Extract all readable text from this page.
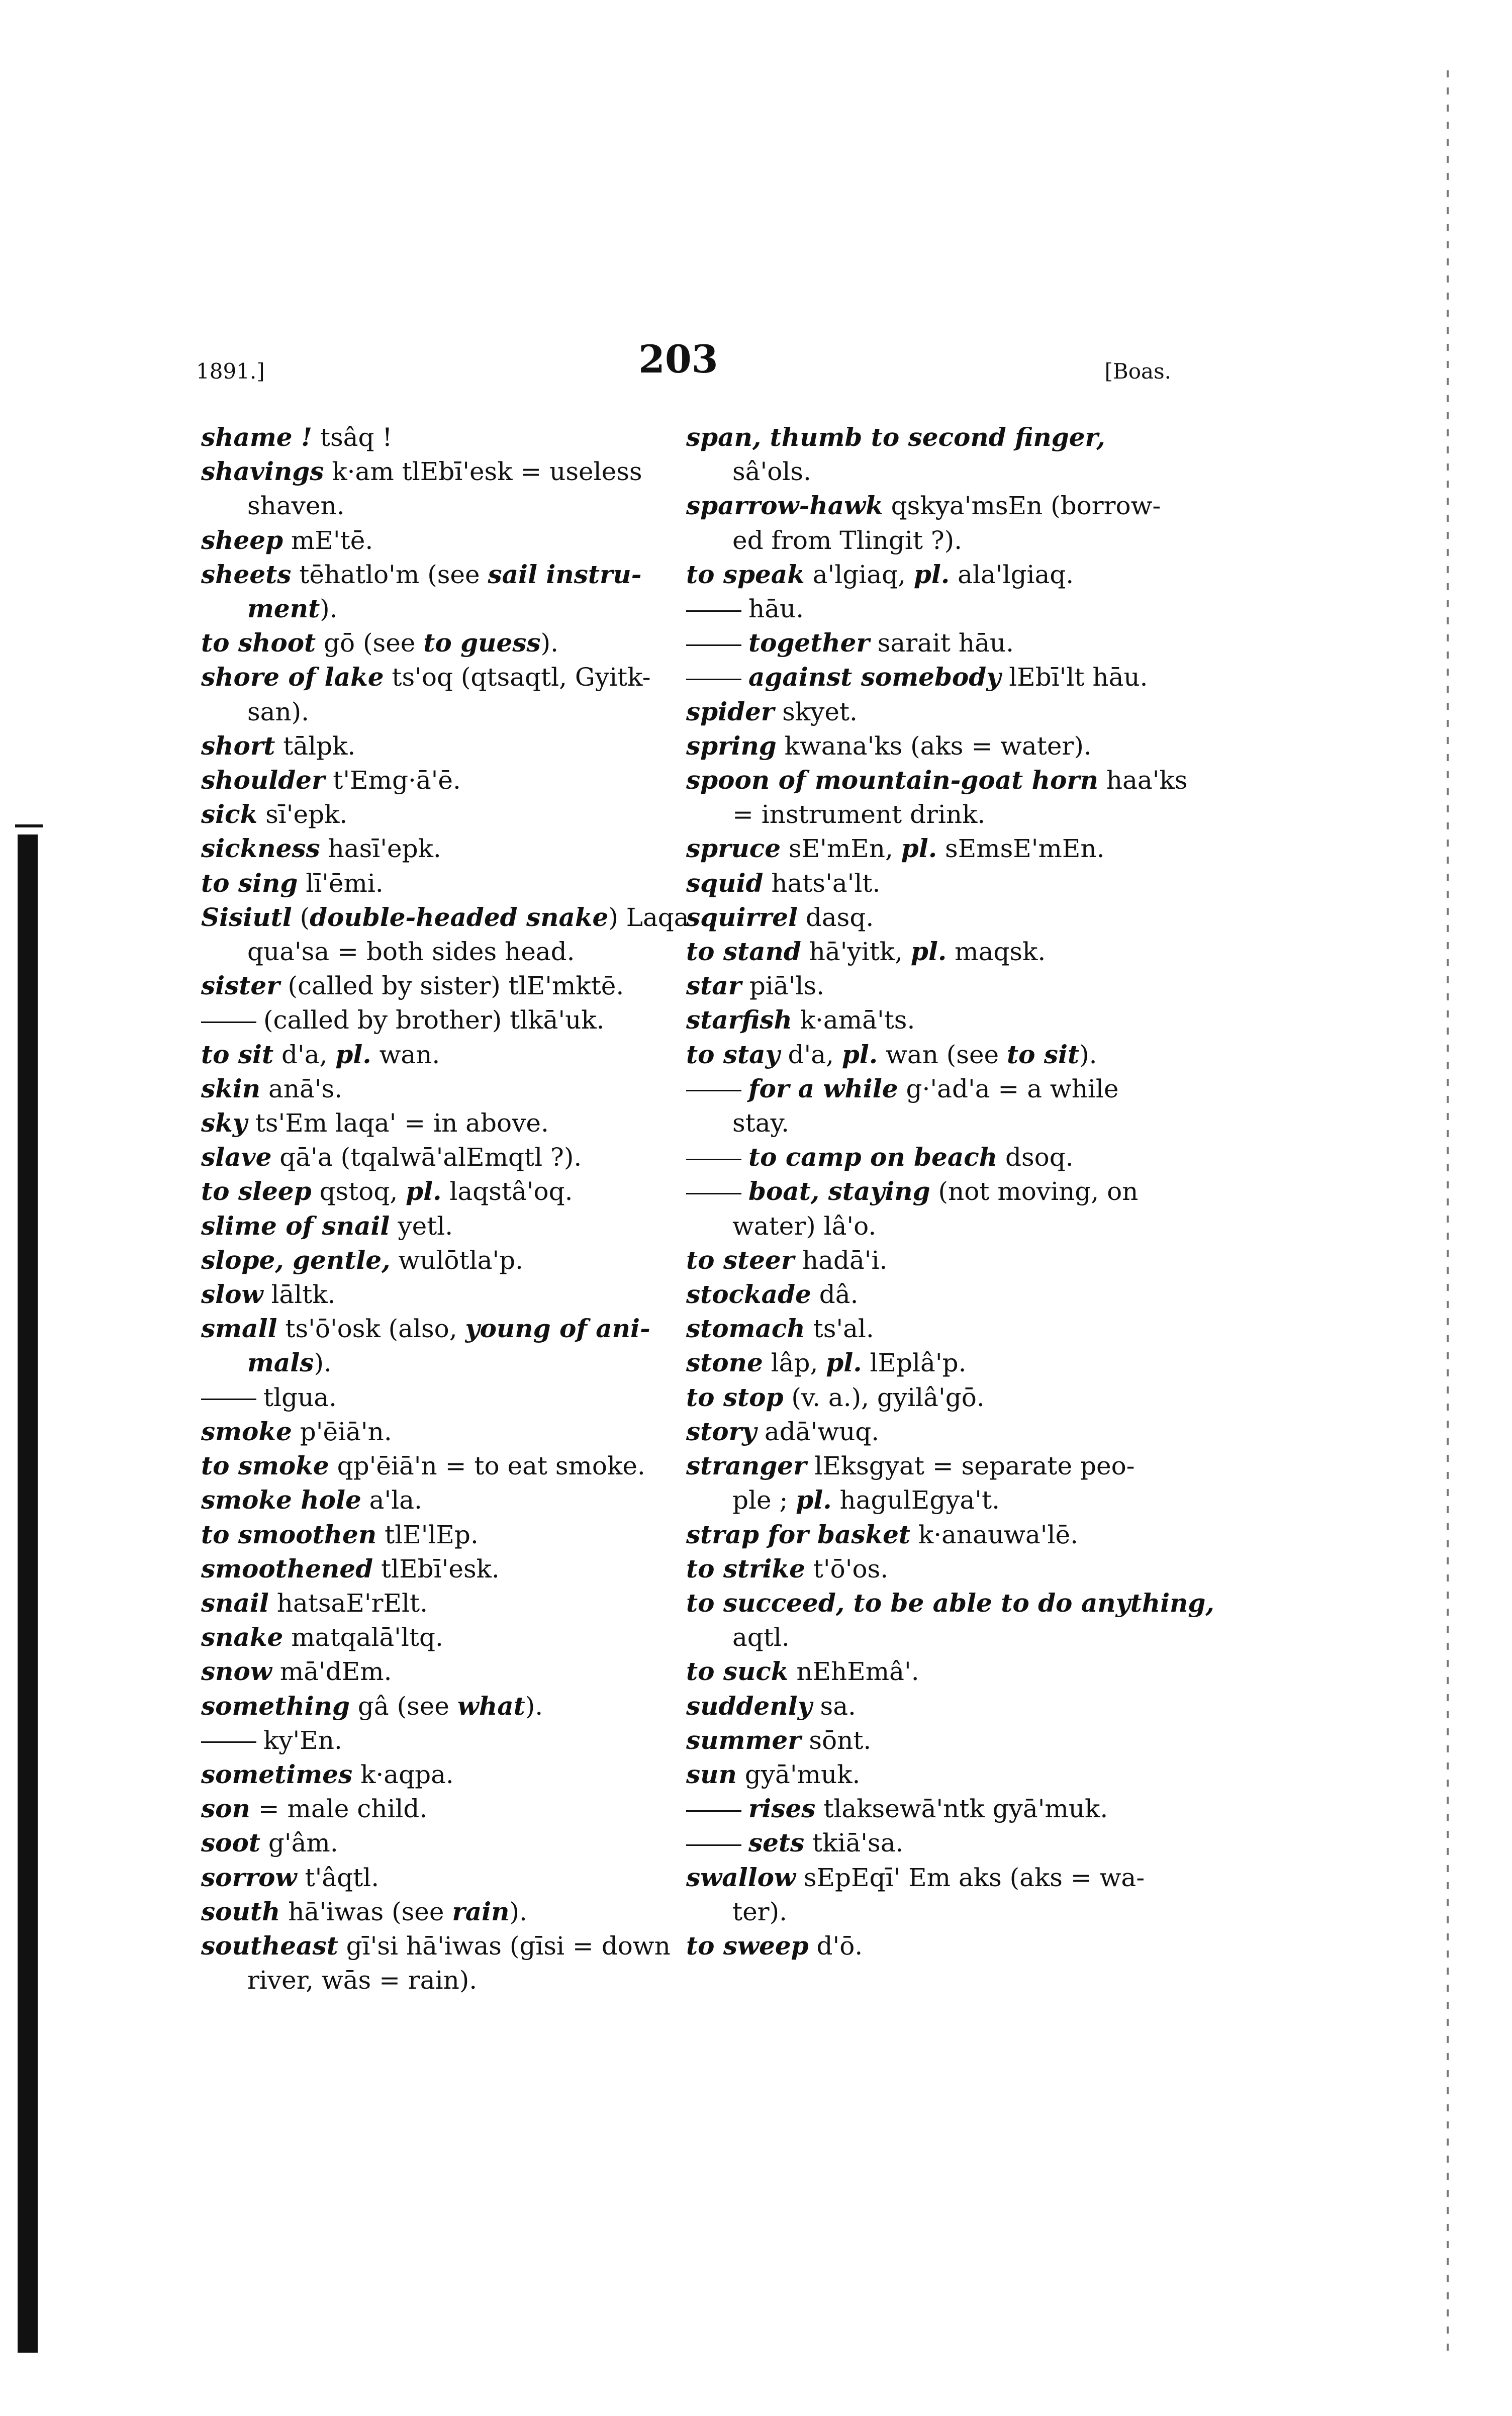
1891.]	203	[Boas.
shame ! tsâq !
shavings k·am tlEbī'esk = useless
shaven.
sheep mE'tē.
sheets tēhatlo'm (see sail instru-
ment).
to shoot gō (see to guess).
shore of lake ts'oq (qtsaqtl, Gyitk-
san).
short tālpk.
shoulder t'Emg·ā'ē.
sick sī'epk.
sickness hasī'epk.
to sing lī'ēmi.
Sisiutl (double-headed snake) Laqa-
qua'sa = both sides head.
sister (called by sister) tlE'mktē.
(called by brother) tlkā'uk.
to sit d'a, pl. wan.
skin anā's.
sky ts'Em laqa' = in above.
slave qā'a (tqalwā'alEmqtl ?).
to sleep qstoq, pl. laqstâ'oq.
slime of snail yetl.
slope, gentle, wulōtla'p.
slow lāltk.
small ts'ō'osk (also, young of ani-
mals).
tlgua.
smoke p'ēiā'n.
to smoke qp'ēiā'n = to eat smoke.
smoke hole a'la.
to smoothen tlE'lEp.
smoothened tlEbī'esk.
snail hatsaE'rElt.
snake matqalā'ltq.
snow mā'dEm.
something gâ (see what).
ky'En.
sometimes k·aqpa.
son = male child.
soot g'âm.
sorrow t'âqtl.
south hā'iwas (see rain).
southeast gī'si hā'iwas (gīsi = down
river, wās = rain).
span, thumb to second finger,
sâ'ols.
sparrow-hawk qskya'msEn (borrow-
ed from Tlingit ?).
to speak a'lgiaq, pl. ala'lgiaq.
hāu.
together sarait hāu.
against somebody lEbī'lt hāu.
spider skyet.
spring kwana'ks (aks = water).
spoon of mountain-goat horn haa'ks
= instrument drink.
spruce sE'mEn, pl. sEmsE'mEn.
squid hats'a'lt.
squirrel dasq.
to stand hā'yitk, pl. maqsk.
star piā'ls.
starfish k·amā'ts.
to stay d'a, pl. wan (see to sit).
for a while g·'ad'a = a while
stay.
to camp on beach dsoq.
boat, staying (not moving, on
water) lâ'o.
to steer hadā'i.
stockade dâ.
stomach ts'al.
stone lâp, pl. lEplâ'p.
to stop (v. a.), gyilâ'gō.
story adā'wuq.
stranger lEksgyat = separate peo-
ple ; pl. hagulEgya't.
strap for basket k·anauwa'lē.
to strike t'ō'os.
to succeed, to be able to do anything,
aqtl.
to suck nEhEmâ'.
suddenly sa.
summer sōnt.
sun gyā'muk.
rises tlaksewā'ntk gyā'muk.
sets tkiā'sa.
swallow sEpEqī' Em aks (aks = wa-
ter).
to sweep d'ō.
